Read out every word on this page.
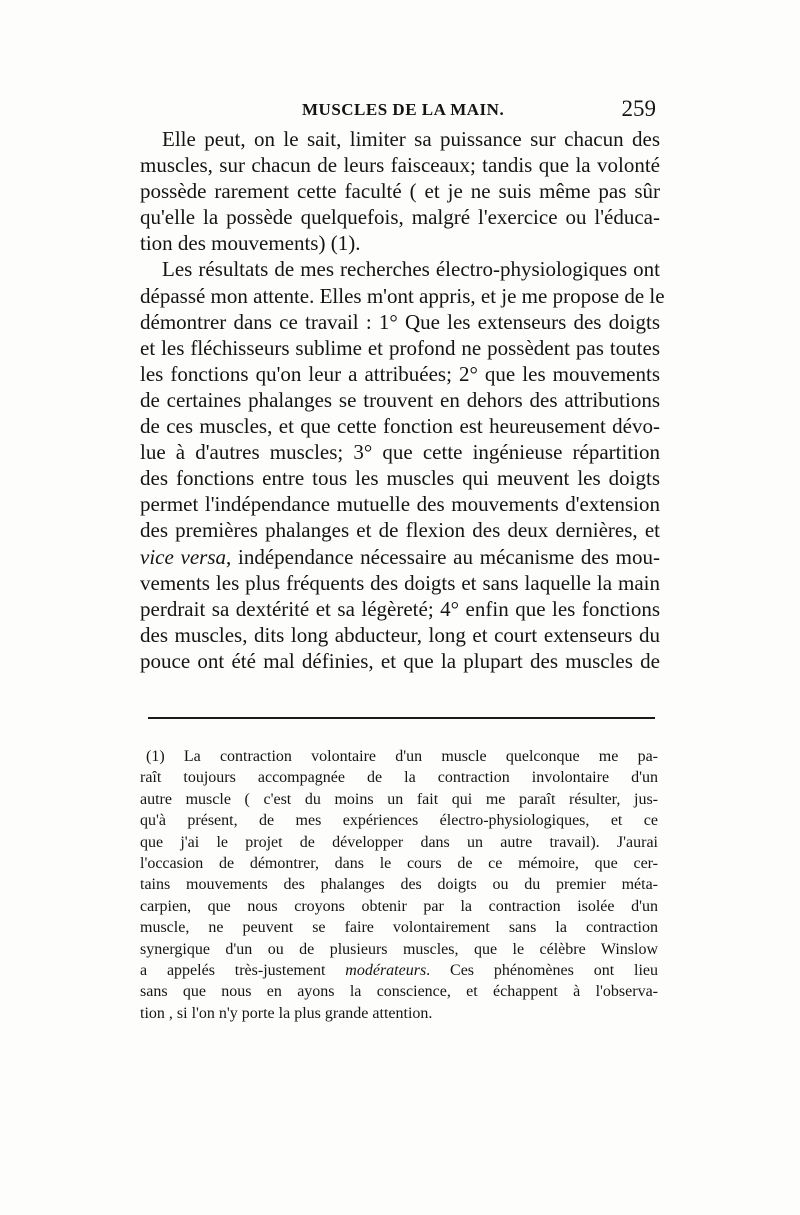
MUSCLES DE LA MAIN.	259
Elle peut, on le sait, limiter sa puissance sur chacun des
muscles, sur chacun de leurs faisceaux; tandis que la volonté
possède rarement cette faculté ( et je ne suis même pas sûr
qu'elle la possède quelquefois, malgré l'exercice ou l'éduca-
tion des mouvements) (1).
Les résultats de mes recherches électro-physiologiques ont
dépassé mon attente. Elles m'ont appris, et je me propose de le
démontrer dans ce travail : 1° Que les extenseurs des doigts
et les fléchisseurs sublime et profond ne possèdent pas toutes
les fonctions qu'on leur a attribuées; 2° que les mouvements
de certaines phalanges se trouvent en dehors des attributions
de ces muscles, et que cette fonction est heureusement dévo-
lue à d'autres muscles; 3° que cette ingénieuse répartition
des fonctions entre tous les muscles qui meuvent les doigts
permet l'indépendance mutuelle des mouvements d'extension
des premières phalanges et de flexion des deux dernières, et
vice versa, indépendance nécessaire au mécanisme des mou-
vements les plus fréquents des doigts et sans laquelle la main
perdrait sa dextérité et sa légèreté; 4° enfin que les fonctions
des muscles, dits long abducteur, long et court extenseurs du
pouce ont été mal définies, et que la plupart des muscles de
(1) La contraction volontaire d'un muscle quelconque me pa-
raît toujours accompagnée de la contraction involontaire d'un
autre muscle ( c'est du moins un fait qui me paraît résulter, jus-
qu'à présent, de mes expériences électro-physiologiques, et ce
que j'ai le projet de développer dans un autre travail). J'aurai
l'occasion de démontrer, dans le cours de ce mémoire, que cer-
tains mouvements des phalanges des doigts ou du premier méta-
carpien, que nous croyons obtenir par la contraction isolée d'un
muscle, ne peuvent se faire volontairement sans la contraction
synergique d'un ou de plusieurs muscles, que le célèbre Winslow
a appelés très-justement modérateurs. Ces phénomènes ont lieu
sans que nous en ayons la conscience, et échappent à l'observa-
tion , si l'on n'y porte la plus grande attention.
